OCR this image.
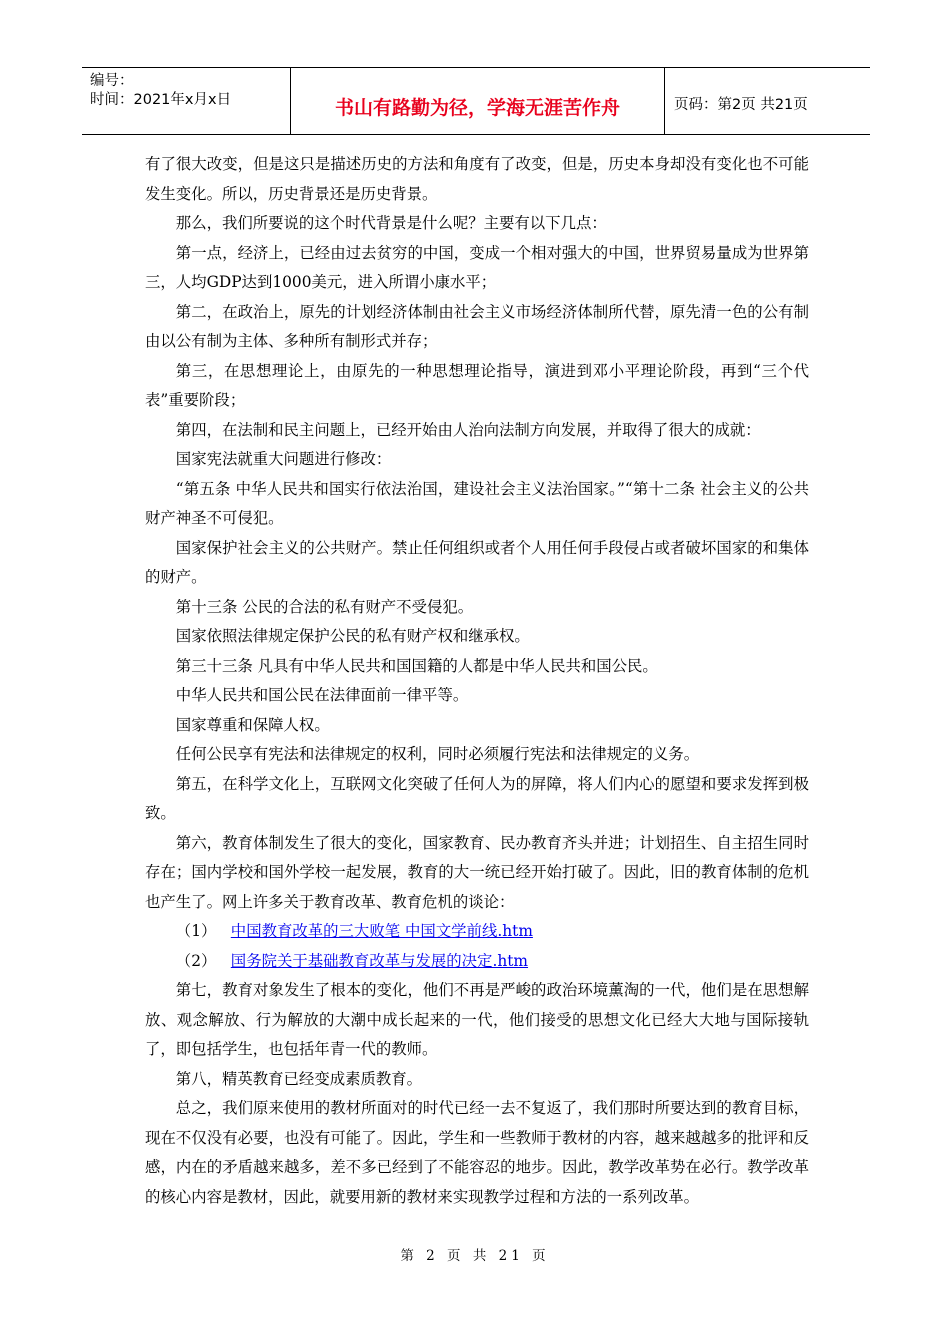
编号：
时间：2021年x月x日	书山有路勤为径，学海无涯苦作舟	页码：第2页 共21页

有了很大改变，但是这只是描述历史的方法和角度有了改变，但是，历史本身却没有变化也不可能发生变化。所以，历史背景还是历史背景。

那么，我们所要说的这个时代背景是什么呢？主要有以下几点：

第一点，经济上，已经由过去贫穷的中国，变成一个相对强大的中国，世界贸易量成为世界第三，人均GDP达到1000美元，进入所谓小康水平；

第二，在政治上，原先的计划经济体制由社会主义市场经济体制所代替，原先清一色的公有制由以公有制为主体、多种所有制形式并存；

第三，在思想理论上，由原先的一种思想理论指导，演进到邓小平理论阶段，再到“三个代表”重要阶段；

第四，在法制和民主问题上，已经开始由人治向法制方向发展，并取得了很大的成就：

国家宪法就重大问题进行修改：

“第五条 中华人民共和国实行依法治国，建设社会主义法治国家。”“第十二条 社会主义的公共财产神圣不可侵犯。

国家保护社会主义的公共财产。禁止任何组织或者个人用任何手段侵占或者破坏国家的和集体的财产。

第十三条 公民的合法的私有财产不受侵犯。

国家依照法律规定保护公民的私有财产权和继承权。

第三十三条 凡具有中华人民共和国国籍的人都是中华人民共和国公民。

中华人民共和国公民在法律面前一律平等。

国家尊重和保障人权。

任何公民享有宪法和法律规定的权利，同时必须履行宪法和法律规定的义务。

第五，在科学文化上，互联网文化突破了任何人为的屏障，将人们内心的愿望和要求发挥到极致。

第六，教育体制发生了很大的变化，国家教育、民办教育齐头并进；计划招生、自主招生同时存在；国内学校和国外学校一起发展，教育的大一统已经开始打破了。因此，旧的教育体制的危机也产生了。网上许多关于教育改革、教育危机的谈论：

（1） 中国教育改革的三大败笔 中国文学前线.htm

（2） 国务院关于基础教育改革与发展的决定.htm

第七，教育对象发生了根本的变化，他们不再是严峻的政治环境薰淘的一代，他们是在思想解放、观念解放、行为解放的大潮中成长起来的一代，他们接受的思想文化已经大大地与国际接轨了，即包括学生，也包括年青一代的教师。

第八，精英教育已经变成素质教育。

总之，我们原来使用的教材所面对的时代已经一去不复返了，我们那时所要达到的教育目标，现在不仅没有必要，也没有可能了。因此，学生和一些教师于教材的内容，越来越越多的批评和反感，内在的矛盾越来越多，差不多已经到了不能容忍的地步。因此，教学改革势在必行。教学改革的核心内容是教材，因此，就要用新的教材来实现教学过程和方法的一系列改革。

第 2 页 共 21 页
